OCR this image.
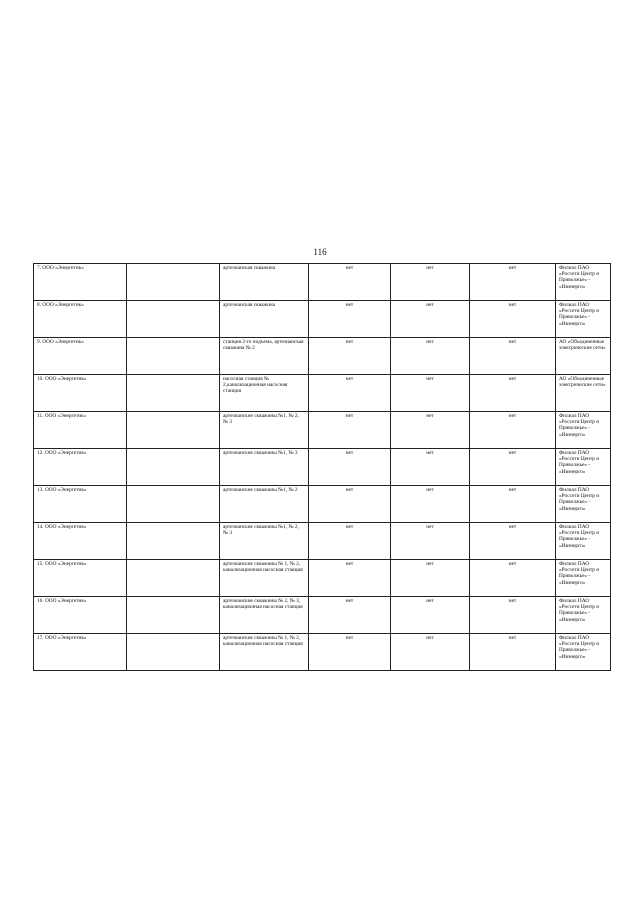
116
7. ООО «Энергетик»		артезианская скважина	нет	нет	нет	Филиал ПАО «Россети Центр и Приволжье» - «Ивэнерго»
8. ООО «Энергетик»		артезианская скважина	нет	нет	нет	Филиал ПАО «Россети Центр и Приволжье» - «Ивэнерго»
9. ООО «Энергетик»		станция 2-го подъема, артезианская скважина № 2	нет	нет	нет	АО «Объединенные электрические сети»
10. ООО «Энергетик»		насосная станция № 2,канализационная насосная станция	нет	нет	нет	АО «Объединенные электрические сети»
11. ООО «Энергетик»		артезианские скважины №1, № 2, № 3	нет	нет	нет	Филиал ПАО «Россети Центр и Приволжье» - «Ивэнерго»
12. ООО «Энергетик»		артезианские скважины №1, № 3	нет	нет	нет	Филиал ПАО «Россети Центр и Приволжье» - «Ивэнерго»
13. ООО «Энергетик»		артезианские скважины №1, № 2	нет	нет	нет	Филиал ПАО «Россети Центр и Приволжье» - «Ивэнерго»
14. ООО «Энергетик»		артезианские скважины №1, № 2, № 3	нет	нет	нет	Филиал ПАО «Россети Центр и Приволжье» - «Ивэнерго»
15. ООО «Энергетик»		артезианские скважины № 1, № 2, канализационная насосная станция	нет	нет	нет	Филиал ПАО «Россети Центр и Приволжье» - «Ивэнерго»
16. ООО «Энергетик»		артезианские скважины № 2, № 3, канализационная насосная станция	нет	нет	нет	Филиал ПАО «Россети Центр и Приволжье» - «Ивэнерго»
17. ООО «Энергетик»		артезианские скважины № 1, № 2, канализационная насосная станция	нет	нет	нет	Филиал ПАО «Россети Центр и Приволжье» - «Ивэнерго»
